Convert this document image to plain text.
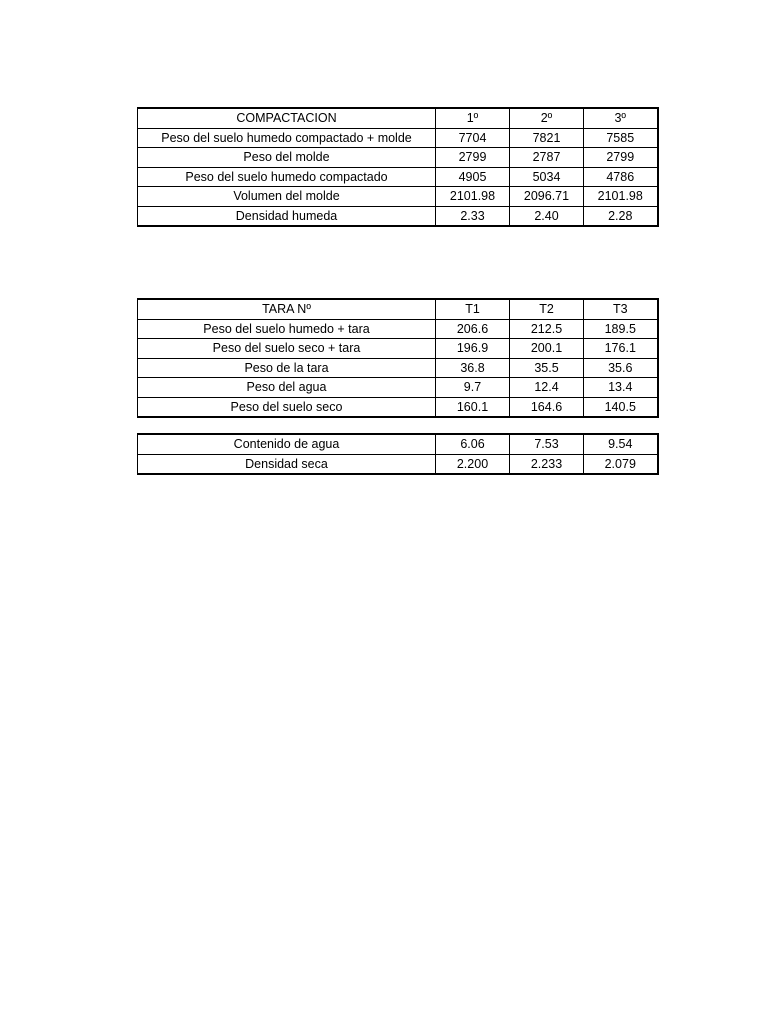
COMPACTACION	1º	2º	3º
Peso del suelo humedo compactado + molde	7704	7821	7585
Peso del molde	2799	2787	2799
Peso del suelo humedo compactado	4905	5034	4786
Volumen del molde	2101.98	2096.71	2101.98
Densidad humeda	2.33	2.40	2.28
TARA Nº	T1	T2	T3
Peso del suelo humedo + tara	206.6	212.5	189.5
Peso del suelo seco + tara	196.9	200.1	176.1
Peso de la tara	36.8	35.5	35.6
Peso del agua	9.7	12.4	13.4
Peso del suelo seco	160.1	164.6	140.5
Contenido de agua	6.06	7.53	9.54
Densidad seca	2.200	2.233	2.079
